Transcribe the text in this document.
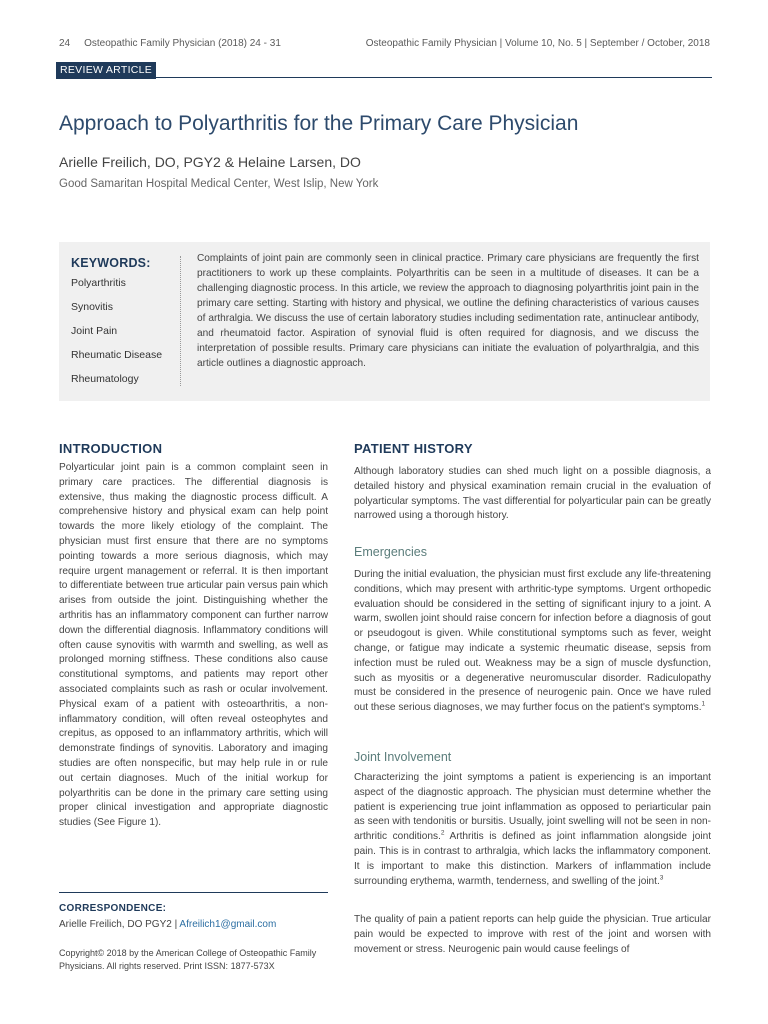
24 Osteopathic Family Physician (2018) 24 - 31	Osteopathic Family Physician | Volume 10, No. 5 | September / October, 2018
REVIEW ARTICLE
Approach to Polyarthritis for the Primary Care Physician
Arielle Freilich, DO, PGY2 & Helaine Larsen, DO
Good Samaritan Hospital Medical Center, West Islip, New York
KEYWORDS:
Polyarthritis
Synovitis
Joint Pain
Rheumatic Disease
Rheumatology
Complaints of joint pain are commonly seen in clinical practice. Primary care physicians are frequently the first practitioners to work up these complaints. Polyarthritis can be seen in a multitude of diseases. It can be a challenging diagnostic process. In this article, we review the approach to diagnosing polyarthritis joint pain in the primary care setting. Starting with history and physical, we outline the defining characteristics of various causes of arthralgia. We discuss the use of certain laboratory studies including sedimentation rate, antinuclear antibody, and rheumatoid factor. Aspiration of synovial fluid is often required for diagnosis, and we discuss the interpretation of possible results. Primary care physicians can initiate the evaluation of polyarthralgia, and this article outlines a diagnostic approach.
INTRODUCTION
Polyarticular joint pain is a common complaint seen in primary care practices. The differential diagnosis is extensive, thus making the diagnostic process difficult. A comprehensive history and physical exam can help point towards the more likely etiology of the complaint. The physician must first ensure that there are no symptoms pointing towards a more serious diagnosis, which may require urgent management or referral. It is then important to differentiate between true articular pain versus pain which arises from outside the joint. Distinguishing whether the arthritis has an inflammatory component can further narrow down the differential diagnosis. Inflammatory conditions will often cause synovitis with warmth and swelling, as well as prolonged morning stiffness. These conditions also cause constitutional symptoms, and patients may report other associated complaints such as rash or ocular involvement. Physical exam of a patient with osteoarthritis, a non-inflammatory condition, will often reveal osteophytes and crepitus, as opposed to an inflammatory arthritis, which will demonstrate findings of synovitis. Laboratory and imaging studies are often nonspecific, but may help rule in or rule out certain diagnoses. Much of the initial workup for polyarthritis can be done in the primary care setting using proper clinical investigation and appropriate diagnostic studies (See Figure 1).
CORRESPONDENCE:
Arielle Freilich, DO PGY2 | Afreilich1@gmail.com
Copyright© 2018 by the American College of Osteopathic Family Physicians. All rights reserved. Print ISSN: 1877-573X
PATIENT HISTORY
Although laboratory studies can shed much light on a possible diagnosis, a detailed history and physical examination remain crucial in the evaluation of polyarticular symptoms. The vast differential for polyarticular pain can be greatly narrowed using a thorough history.
Emergencies
During the initial evaluation, the physician must first exclude any life-threatening conditions, which may present with arthritic-type symptoms. Urgent orthopedic evaluation should be considered in the setting of significant injury to a joint. A warm, swollen joint should raise concern for infection before a diagnosis of gout or pseudogout is given. While constitutional symptoms such as fever, weight change, or fatigue may indicate a systemic rheumatic disease, sepsis from infection must be ruled out. Weakness may be a sign of muscle dysfunction, such as myositis or a degenerative neuromuscular disorder. Radiculopathy must be considered in the presence of neurogenic pain. Once we have ruled out these serious diagnoses, we may further focus on the patient's symptoms.$^1$
Joint Involvement
Characterizing the joint symptoms a patient is experiencing is an important aspect of the diagnostic approach. The physician must determine whether the patient is experiencing true joint inflammation as opposed to periarticular pain as seen with tendonitis or bursitis. Usually, joint swelling will not be seen in non-arthritic conditions.$^2$ Arthritis is defined as joint inflammation alongside joint pain. This is in contrast to arthralgia, which lacks the inflammatory component. It is important to make this distinction. Markers of inflammation include surrounding erythema, warmth, tenderness, and swelling of the joint.$^3$
The quality of pain a patient reports can help guide the physician. True articular pain would be expected to improve with rest of the joint and worsen with movement or stress. Neurogenic pain would cause feelings of
